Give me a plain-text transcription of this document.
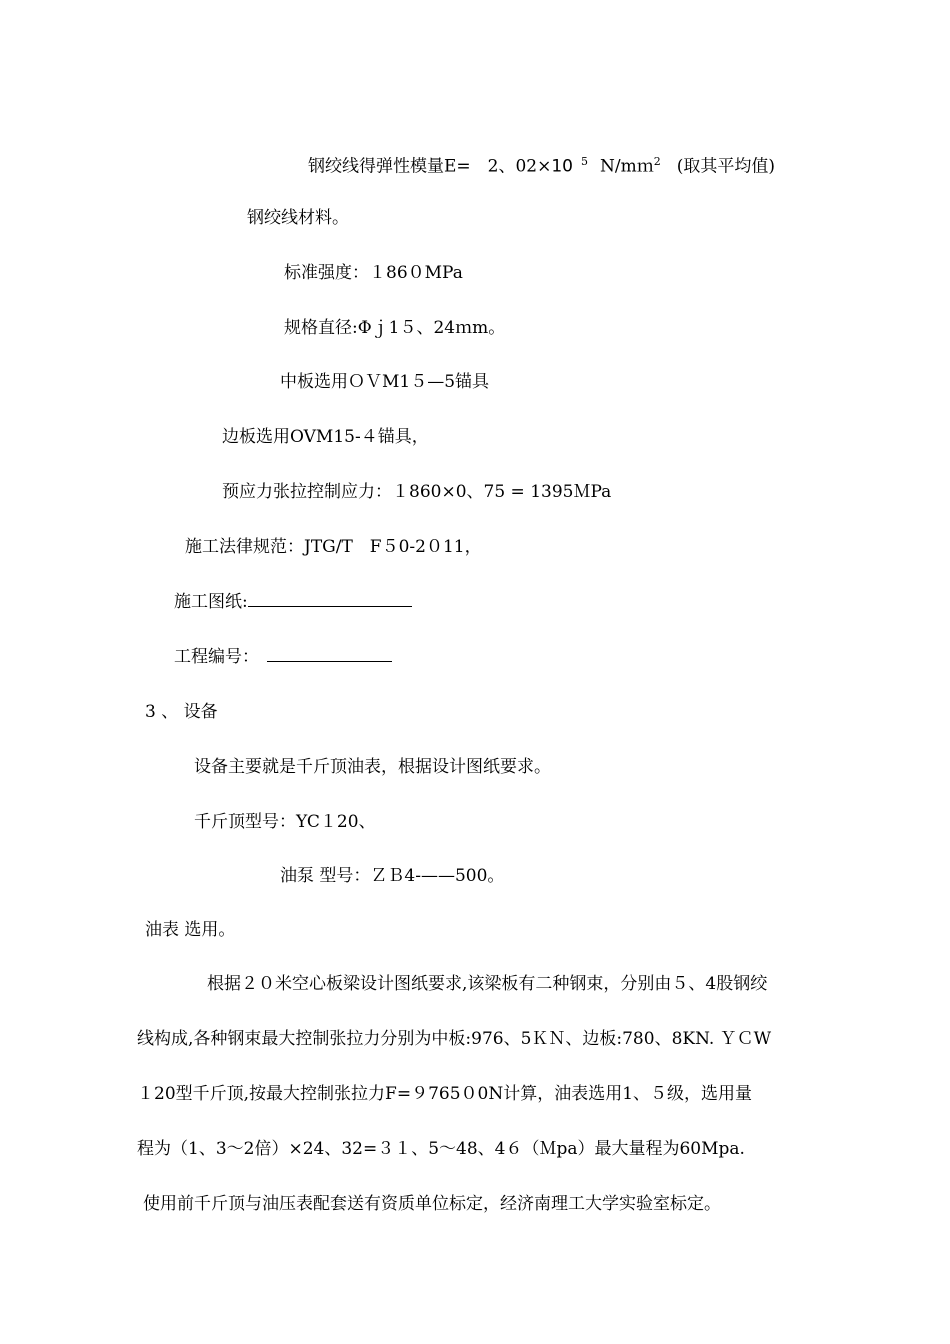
钢绞线得弹性模量E=　2、02×10 $^5$ N/mｍ$^2$ (取其平均值)
钢绞线材料。
标准强度：１86０MPa
规格直径:Φｊ1５、24ｍm。
中板选用ＯＶM1５—5锚具
边板选用OVM15-４锚具，
预应力张拉控制应力：１860×0、75 = 1395ＭPa
施工法律规范：JTG/T　F５0-2０11，
施工图纸:
工程编号：
3 、 设备
设备主要就是千斤顶油表，根据设计图纸要求。
千斤顶型号：YC１20、
油泵 型号：ＺＢ4-——500。
油表 选用。
根据２０米空心板梁设计图纸要求,该梁板有二种钢束，分别由５、4股钢绞
线构成,各种钢束最大控制张拉力分别为中板:976、5ＫＮ、边板:780、8KN. ＹＣW
１20型千斤顶,按最大控制张拉力F=９765０0N计算，油表选用1、５级，选用量
程为（1、3～2倍）×24、32=３１、5～48、4６（Ｍpa）最大量程为60Mpa.
使用前千斤顶与油压表配套送有资质单位标定，经济南理工大学实验室标定。
